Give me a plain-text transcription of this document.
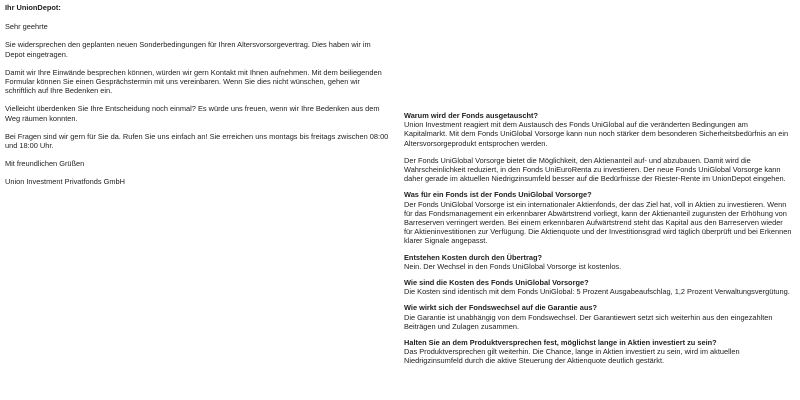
Ihr UnionDepot:
Sehr geehrte
Sie widersprechen den geplanten neuen Sonderbedingungen für Ihren Altersvorsorgevertrag. Dies haben wir im Depot eingetragen.
Damit wir Ihre Einwände besprechen können, würden wir gern Kontakt mit Ihnen aufnehmen. Mit dem beiliegenden Formular können Sie einen Gesprächstermin mit uns vereinbaren. Wenn Sie dies nicht wünschen, gehen wir schriftlich auf Ihre Bedenken ein.
Vielleicht überdenken Sie Ihre Entscheidung noch einmal? Es würde uns freuen, wenn wir Ihre Bedenken aus dem Weg räumen konnten.
Bei Fragen sind wir gern für Sie da. Rufen Sie uns einfach an! Sie erreichen uns montags bis freitags zwischen 08:00 und 18:00 Uhr.
Mit freundlichen Grüßen
Union Investment Privatfonds GmbH
Warum wird der Fonds ausgetauscht?

Union Investment reagiert mit dem Austausch des Fonds UniGlobal auf die veränderten Bedingungen am Kapitalmarkt. Mit dem Fonds UniGlobal Vorsorge kann nun noch stärker dem besonderen Sicherheitsbedürfnis an ein Altersvorsorgeprodukt entsprochen werden.

Der Fonds UniGlobal Vorsorge bietet die Möglichkeit, den Aktienanteil auf- und abzubauen. Damit wird die Wahrscheinlichkeit reduziert, in den Fonds UniEuroRenta zu investieren. Der neue Fonds UniGlobal Vorsorge kann daher gerade im aktuellen Niedrigzinsumfeld besser auf die Bedürfnisse der Riester-Rente im UnionDepot eingehen.

Was für ein Fonds ist der Fonds UniGlobal Vorsorge?

Der Fonds UniGlobal Vorsorge ist ein internationaler Aktienfonds, der das Ziel hat, voll in Aktien zu investieren. Wenn für das Fondsmanagement ein erkennbarer Abwärtstrend vorliegt, kann der Aktienanteil zugunsten der Erhöhung von Barreserven verringert werden. Bei einem erkennbaren Aufwärtstrend steht das Kapital aus den Barreserven wieder für Aktieninvestitionen zur Verfügung. Die Aktienquote und der Investitionsgrad wird täglich überprüft und bei Erkennen klarer Signale angepasst.

Entstehen Kosten durch den Übertrag?

Nein. Der Wechsel in den Fonds UniGlobal Vorsorge ist kostenlos.

Wie sind die Kosten des Fonds UniGlobal Vorsorge?

Die Kosten sind identisch mit dem Fonds UniGlobal: 5 Prozent Ausgabeaufschlag, 1,2 Prozent Verwaltungsvergütung.

Wie wirkt sich der Fondswechsel auf die Garantie aus?

Die Garantie ist unabhängig von dem Fondswechsel. Der Garantiewert setzt sich weiterhin aus den eingezahlten Beiträgen und Zulagen zusammen.

Halten Sie an dem Produktversprechen fest, möglichst lange in Aktien investiert zu sein?

Das Produktversprechen gilt weiterhin. Die Chance, lange in Aktien investiert zu sein, wird im aktuellen Niedrigzinsumfeld durch die aktive Steuerung der Aktienquote deutlich gestärkt.
